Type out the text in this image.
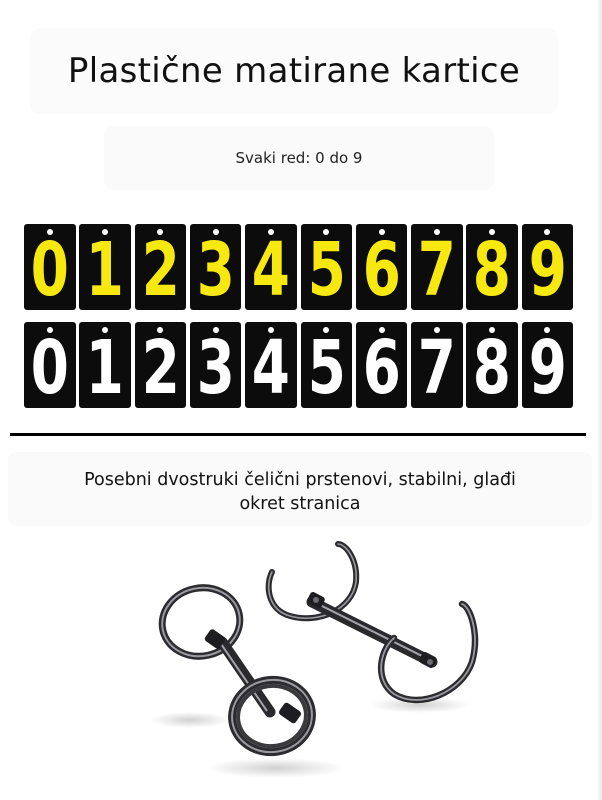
Plastične matirane kartice
Svaki red: 0 do 9
0 1 2 3 4 5 6 7 8 9
0 1 2 3 4 5 6 7 8 9
Posebni dvostruki čelični prstenovi, stabilni, glađi
okret stranica
